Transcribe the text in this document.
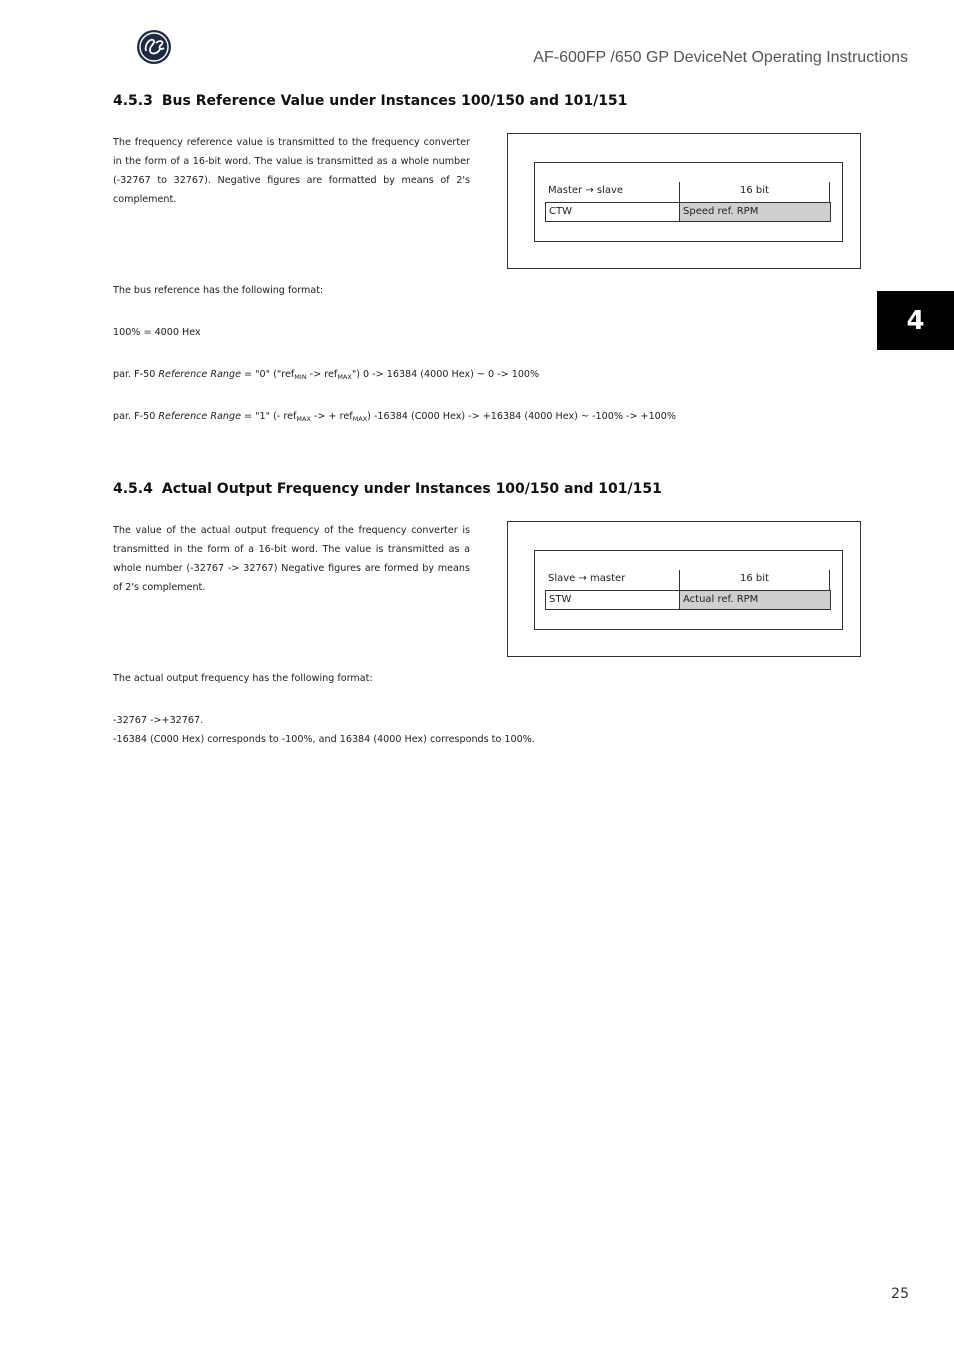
AF-600FP /650 GP DeviceNet Operating Instructions
4
4.5.3 Bus Reference Value under Instances 100/150 and 101/151
The frequency reference value is transmitted to the frequency converter in the form of a 16-bit word. The value is transmitted as a whole number (-32767 to 32767). Negative figures are formatted by means of 2's complement.
Master → slave	16 bit
CTW	Speed ref. RPM
The bus reference has the following format:
100% = 4000 Hex
par. F-50 Reference Range = "0" ("ref$_{MIN}$ -> ref$_{MAX}$") 0 -> 16384 (4000 Hex) ~ 0 -> 100%
par. F-50 Reference Range = "1" (- ref$_{MAX}$ -> + ref$_{MAX}$) -16384 (C000 Hex) -> +16384 (4000 Hex) ~ -100% -> +100%
4.5.4 Actual Output Frequency under Instances 100/150 and 101/151
The value of the actual output frequency of the frequency converter is transmitted in the form of a 16-bit word. The value is transmitted as a whole number (-32767 -> 32767) Negative figures are formed by means of 2's complement.
Slave → master	16 bit
STW	Actual ref. RPM
The actual output frequency has the following format:
-32767 ->+32767.
-16384 (C000 Hex) corresponds to -100%, and 16384 (4000 Hex) corresponds to 100%.
25
